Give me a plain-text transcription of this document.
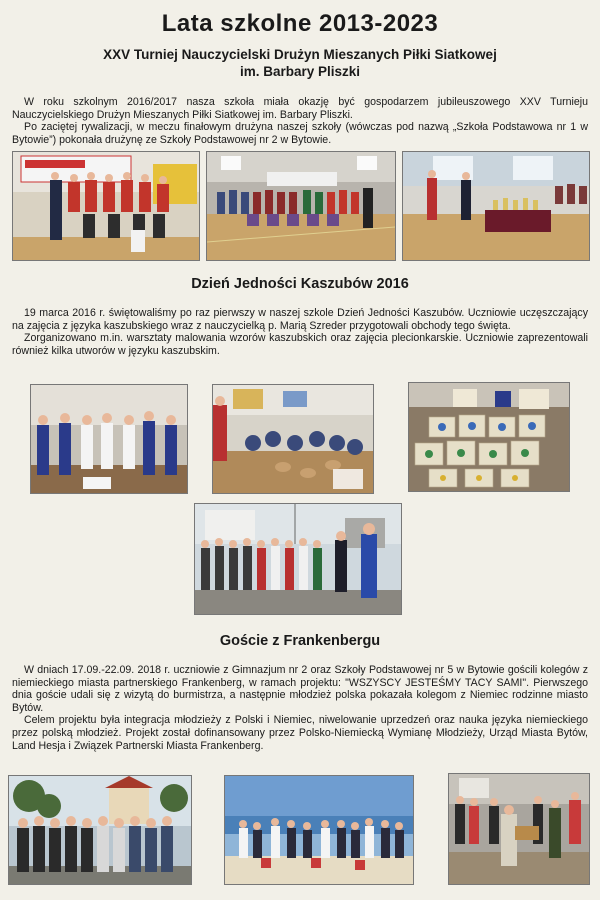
Lata szkolne 2013-2023
XXV Turniej Nauczycielski Drużyn Mieszanych Piłki Siatkowej
im. Barbary Pliszki

W roku szkolnym 2016/2017 nasza szkoła miała okazję być gospodarzem jubileuszowego XXV Turnieju Nauczycielskiego Drużyn Mieszanych Piłki Siatkowej im. Barbary Pliszki.

Po zaciętej rywalizacji, w meczu finałowym drużyna naszej szkoły (wówczas pod nazwą „Szkoła Podstawowa nr 1 w Bytowie”) pokonała drużynę ze Szkoły Podstawowej nr 2 w Bytowie.

Dzień Jedności Kaszubów 2016

19 marca 2016 r. świętowaliśmy po raz pierwszy w naszej szkole Dzień Jedności Kaszubów. Uczniowie uczęszczający na zajęcia z języka kaszubskiego wraz z nauczycielką p. Marią Szreder przygotowali obchody tego święta.

Zorganizowano m.in. warsztaty malowania wzorów kaszubskich oraz zajęcia plecionkarskie. Uczniowie zaprezentowali również kilka utworów w języku kaszubskim.

Goście z Frankenbergu

W dniach 17.09.-22.09. 2018 r. uczniowie z Gimnazjum nr 2 oraz Szkoły Podstawowej nr 5 w Bytowie gościli kolegów z niemieckiego miasta partnerskiego Frankenberg, w ramach projektu: "WSZYSCY JESTEŚMY TACY SAMI". Pierwszego dnia goście udali się z wizytą do burmistrza, a następnie młodzież polska pokazała kolegom z Niemiec rodzinne miasto Bytów.

Celem projektu była integracja młodzieży z Polski i Niemiec, niwelowanie uprzedzeń oraz nauka języka niemieckiego przez polską młodzież. Projekt został dofinansowany przez Polsko-Niemiecką Wymianę Młodzieży, Urząd Miasta Bytów, Land Hesja i Związek Partnerski Miasta Frankenberg.
